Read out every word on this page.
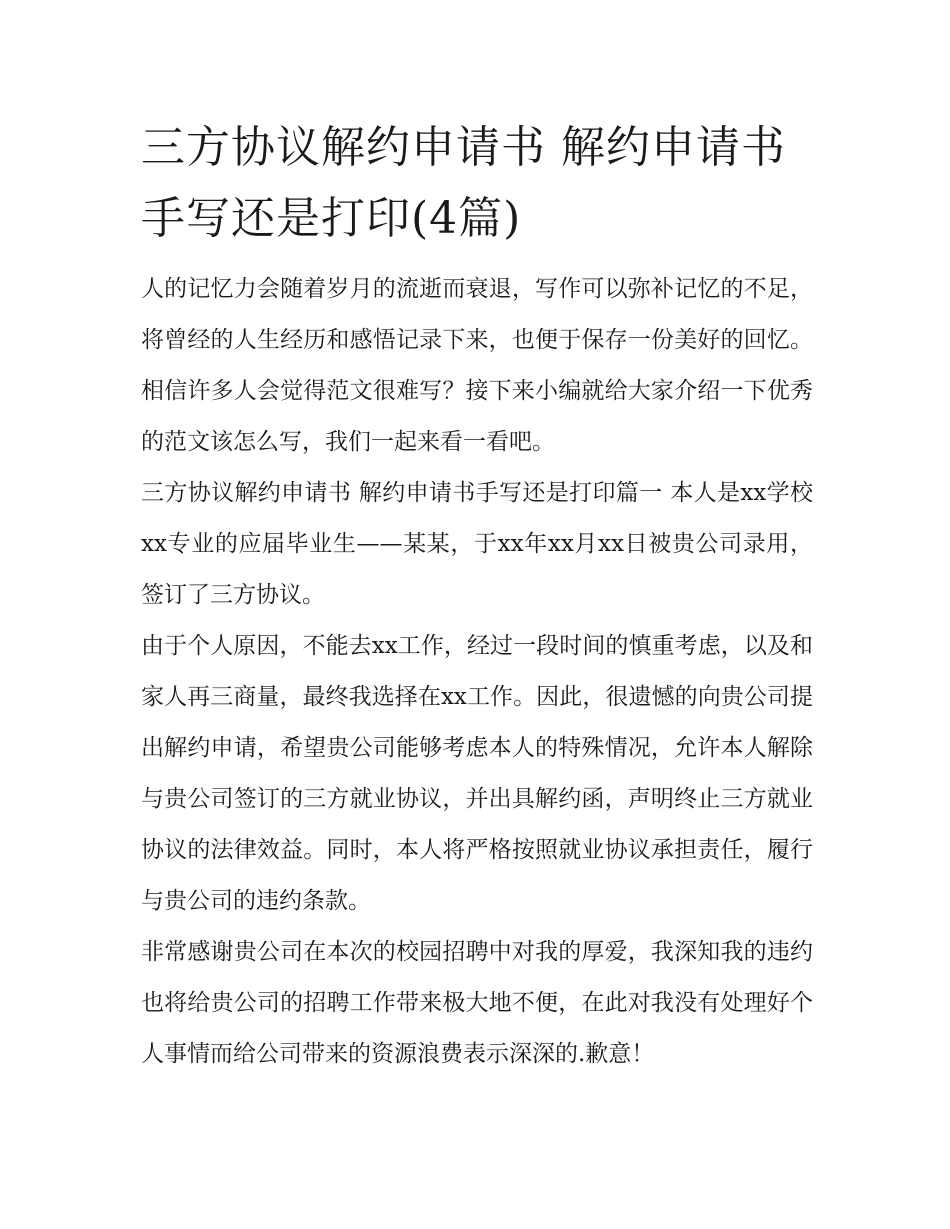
三方协议解约申请书 解约申请书手写还是打印(4篇)

人的记忆力会随着岁月的流逝而衰退，写作可以弥补记忆的不足，将曾经的人生经历和感悟记录下来，也便于保存一份美好的回忆。相信许多人会觉得范文很难写？接下来小编就给大家介绍一下优秀的范文该怎么写，我们一起来看一看吧。

三方协议解约申请书 解约申请书手写还是打印篇一 本人是xx学校xx专业的应届毕业生——某某，于xx年xx月xx日被贵公司录用，签订了三方协议。

由于个人原因，不能去xx工作，经过一段时间的慎重考虑，以及和家人再三商量，最终我选择在xx工作。因此，很遗憾的向贵公司提出解约申请，希望贵公司能够考虑本人的特殊情况，允许本人解除与贵公司签订的三方就业协议，并出具解约函，声明终止三方就业协议的法律效益。同时，本人将严格按照就业协议承担责任，履行与贵公司的违约条款。

非常感谢贵公司在本次的校园招聘中对我的厚爱，我深知我的违约也将给贵公司的招聘工作带来极大地不便，在此对我没有处理好个人事情而给公司带来的资源浪费表示深深的.歉意！
